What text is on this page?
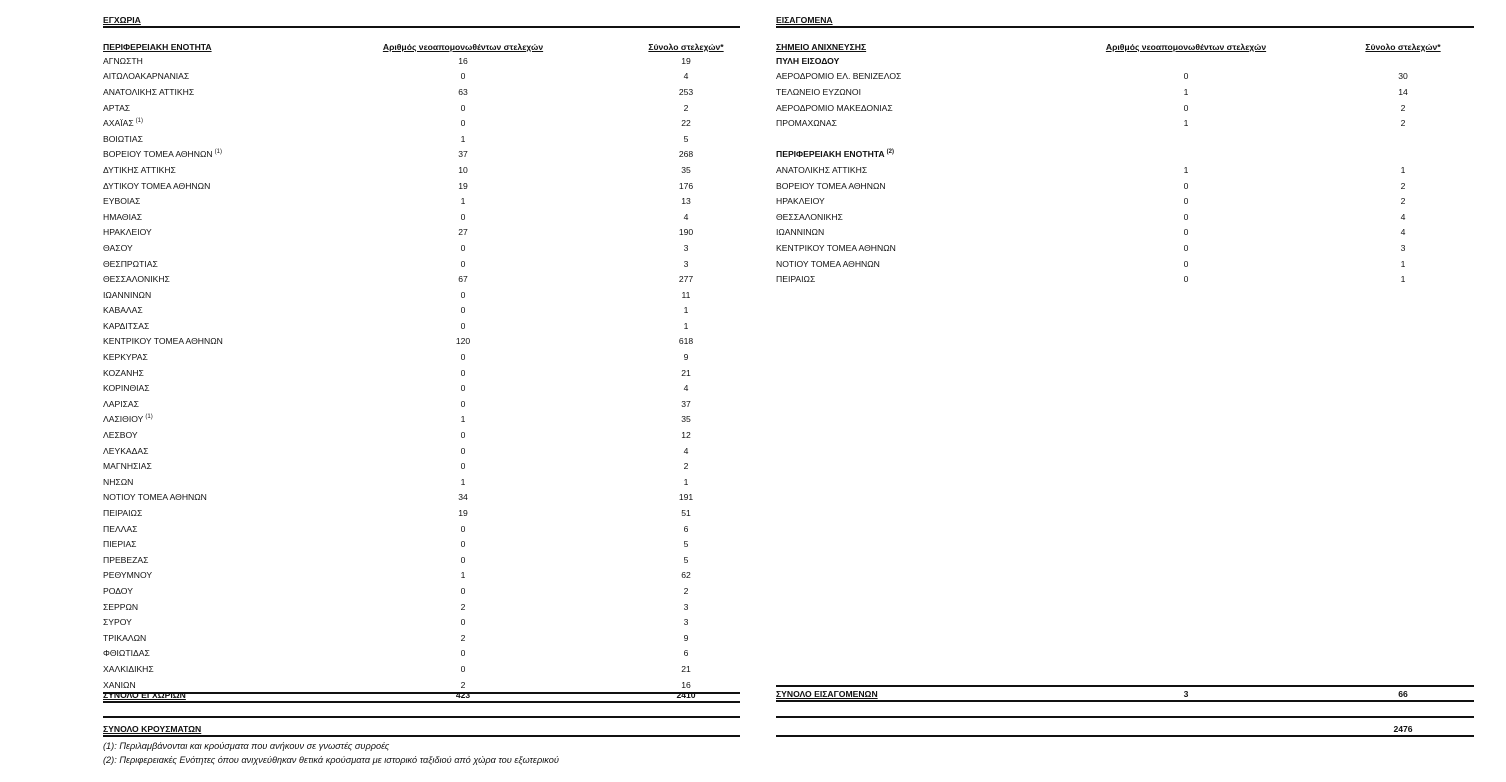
ΕΓΧΩΡΙΑ
ΠΕΡΙΦΕΡΕΙΑΚΗ ΕΝΟΤΗΤΑ	Αριθμός νεοαπομονωθέντων στελεχών	Σύνολο στελεχών*
ΑΓΝΩΣΤΗ	16	19
ΑΙΤΩΛΟΑΚΑΡΝΑΝΙΑΣ	0	4
ΑΝΑΤΟΛΙΚΗΣ ΑΤΤΙΚΗΣ	63	253
ΑΡΤΑΣ	0	2
ΑΧΑΪΑΣ $^{(1)}$	0	22
ΒΟΙΩΤΙΑΣ	1	5
ΒΟΡΕΙΟΥ ΤΟΜΕΑ ΑΘΗΝΩΝ $^{(1)}$	37	268
ΔΥΤΙΚΗΣ ΑΤΤΙΚΗΣ	10	35
ΔΥΤΙΚΟΥ ΤΟΜΕΑ ΑΘΗΝΩΝ	19	176
ΕΥΒΟΙΑΣ	1	13
ΗΜΑΘΙΑΣ	0	4
ΗΡΑΚΛΕΙΟΥ	27	190
ΘΑΣΟΥ	0	3
ΘΕΣΠΡΩΤΙΑΣ	0	3
ΘΕΣΣΑΛΟΝΙΚΗΣ	67	277
ΙΩΑΝΝΙΝΩΝ	0	11
ΚΑΒΑΛΑΣ	0	1
ΚΑΡΔΙΤΣΑΣ	0	1
ΚΕΝΤΡΙΚΟΥ ΤΟΜΕΑ ΑΘΗΝΩΝ	120	618
ΚΕΡΚΥΡΑΣ	0	9
ΚΟΖΑΝΗΣ	0	21
ΚΟΡΙΝΘΙΑΣ	0	4
ΛΑΡΙΣΑΣ	0	37
ΛΑΣΙΘΙΟΥ $^{(1)}$	1	35
ΛΕΣΒΟΥ	0	12
ΛΕΥΚΑΔΑΣ	0	4
ΜΑΓΝΗΣΙΑΣ	0	2
ΝΗΣΩΝ	1	1
ΝΟΤΙΟΥ ΤΟΜΕΑ ΑΘΗΝΩΝ	34	191
ΠΕΙΡΑΙΩΣ	19	51
ΠΕΛΛΑΣ	0	6
ΠΙΕΡΙΑΣ	0	5
ΠΡΕΒΕΖΑΣ	0	5
ΡΕΘΥΜΝΟΥ	1	62
ΡΟΔΟΥ	0	2
ΣΕΡΡΩΝ	2	3
ΣΥΡΟΥ	0	3
ΤΡΙΚΑΛΩΝ	2	9
ΦΘΙΩΤΙΔΑΣ	0	6
ΧΑΛΚΙΔΙΚΗΣ	0	21
ΧΑΝΙΩΝ	2	16
ΣΥΝΟΛΟ ΕΓΧΩΡΙΩΝ	423	2410
ΕΙΣΑΓΟΜΕΝΑ
ΣΗΜΕΙΟ ΑΝΙΧΝΕΥΣΗΣ	Αριθμός νεοαπομονωθέντων στελεχών	Σύνολο στελεχών*
ΠΥΛΗ ΕΙΣΟΔΟΥ
ΑΕΡΟΔΡΟΜΙΟ ΕΛ. ΒΕΝΙΖΕΛΟΣ	0	30
ΤΕΛΩΝΕΙΟ ΕΥΖΩΝΟΙ	1	14
ΑΕΡΟΔΡΟΜΙΟ ΜΑΚΕΔΟΝΙΑΣ	0	2
ΠΡΟΜΑΧΩΝΑΣ	1	2
ΠΕΡΙΦΕΡΕΙΑΚΗ ΕΝΟΤΗΤΑ $^{(2)}$
ΑΝΑΤΟΛΙΚΗΣ ΑΤΤΙΚΗΣ	1	1
ΒΟΡΕΙΟΥ ΤΟΜΕΑ ΑΘΗΝΩΝ	0	2
ΗΡΑΚΛΕΙΟΥ	0	2
ΘΕΣΣΑΛΟΝΙΚΗΣ	0	4
ΙΩΑΝΝΙΝΩΝ	0	4
ΚΕΝΤΡΙΚΟΥ ΤΟΜΕΑ ΑΘΗΝΩΝ	0	3
ΝΟΤΙΟΥ ΤΟΜΕΑ ΑΘΗΝΩΝ	0	1
ΠΕΙΡΑΙΩΣ	0	1
ΣΥΝΟΛΟ ΕΙΣΑΓΟΜΕΝΩΝ	3	66
ΣΥΝΟΛΟ ΚΡΟΥΣΜΑΤΩΝ	2476
(1): Περιλαμβάνονται και κρούσματα που ανήκουν σε γνωστές συρροές
(2): Περιφερειακές Ενότητες όπου ανιχνεύθηκαν θετικά κρούσματα με ιστορικό ταξιδιού από χώρα του εξωτερικού
